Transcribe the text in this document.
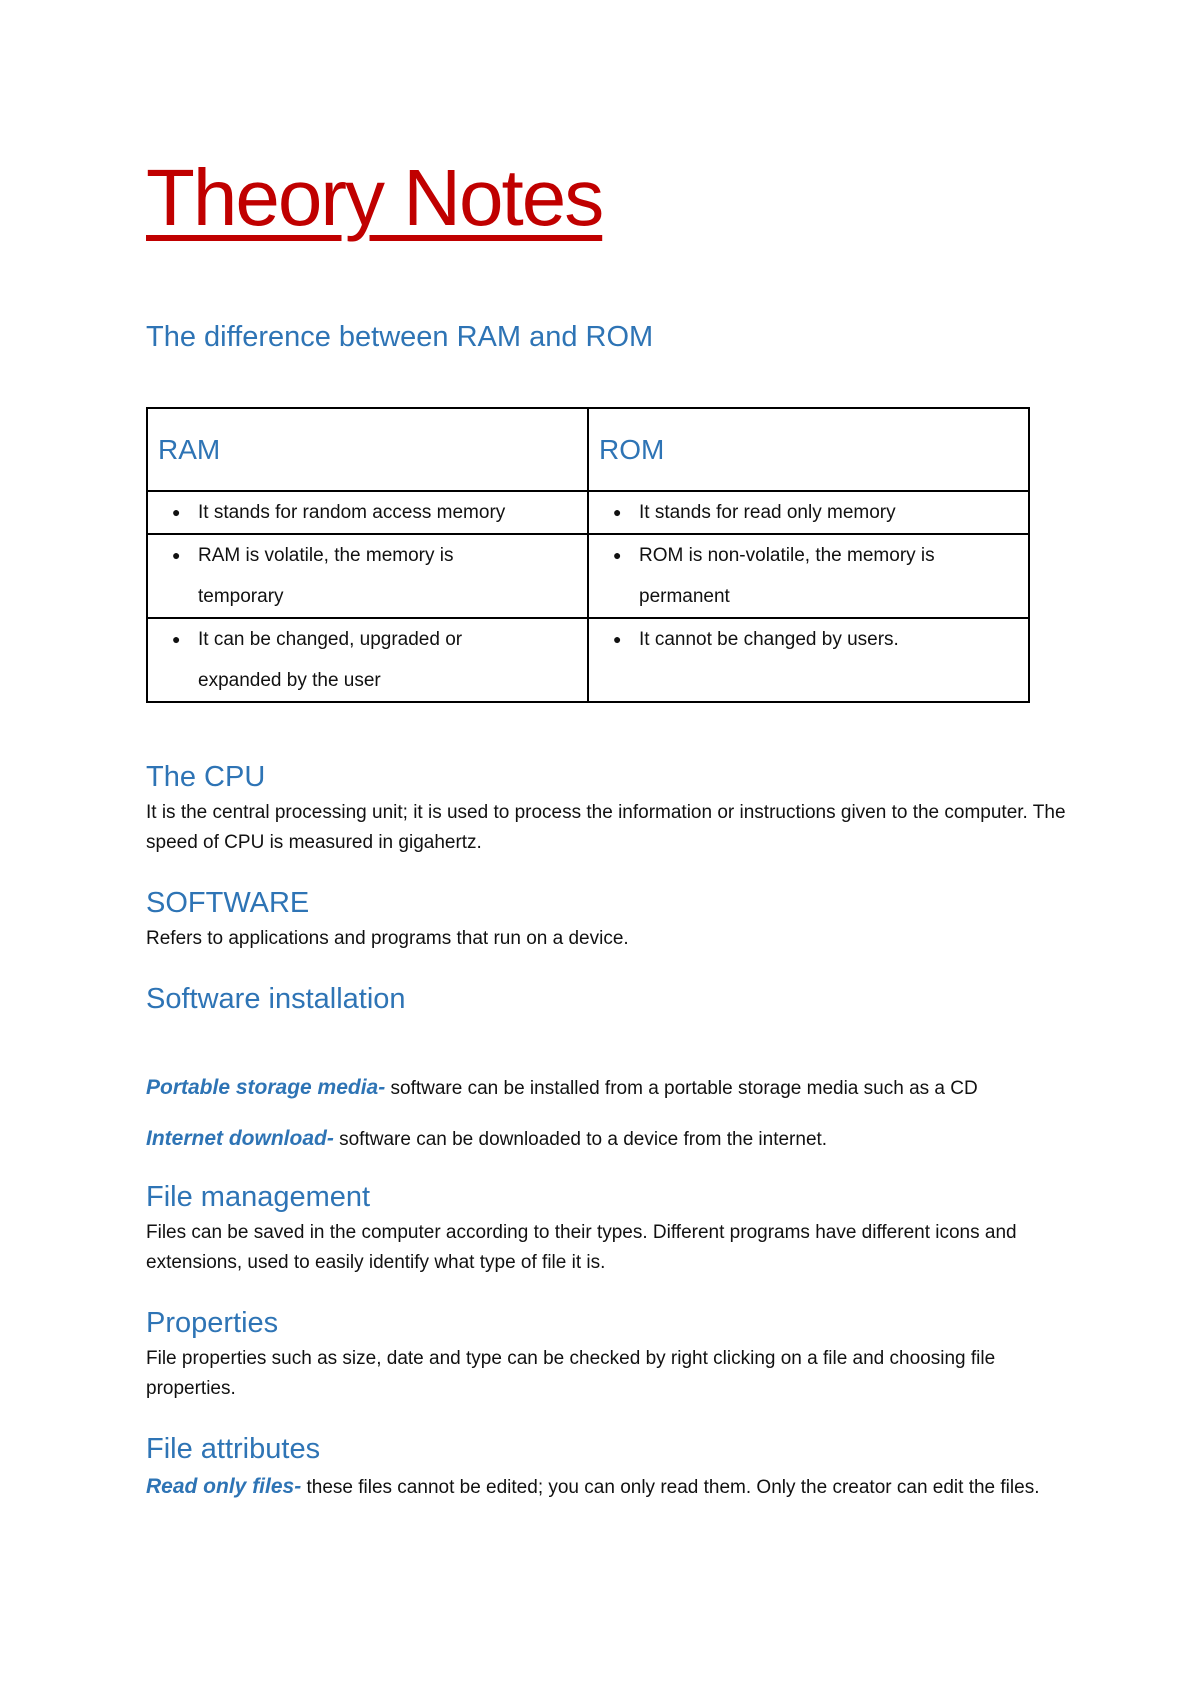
Theory Notes
The difference between RAM and ROM
RAM	ROM

● It stands for random access memory	● It stands for read only memory

● RAM is volatile, the memory is temporary	● ROM is non-volatile, the memory is permanent

● It can be changed, upgraded or expanded by the user	● It cannot be changed by users.
The CPU

It is the central processing unit; it is used to process the information or instructions given to the computer. The speed of CPU is measured in gigahertz.

SOFTWARE

Refers to applications and programs that run on a device.

Software installation

Portable storage media- software can be installed from a portable storage media such as a CD

Internet download- software can be downloaded to a device from the internet.

File management

Files can be saved in the computer according to their types. Different programs have different icons and extensions, used to easily identify what type of file it is.

Properties

File properties such as size, date and type can be checked by right clicking on a file and choosing file properties.

File attributes

Read only files- these files cannot be edited; you can only read them. Only the creator can edit the files.
